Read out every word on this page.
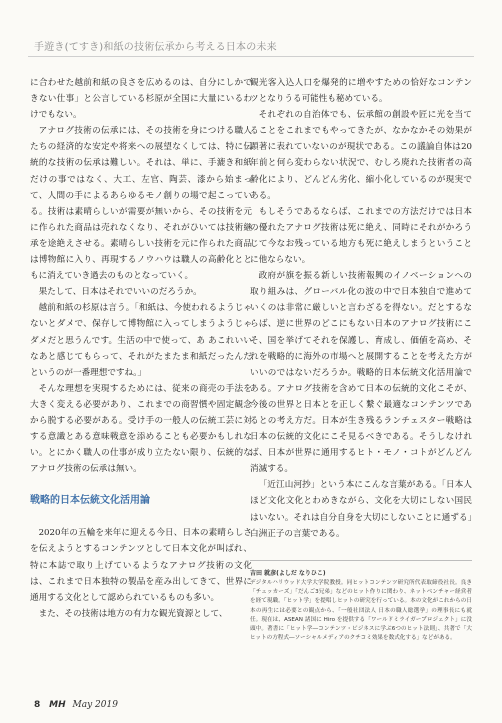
手遊き(てすき)和紙の技術伝承から考える日本の未来

に合わせた越前和紙の良さを広めるのは、自分にしかできない仕事」と公言している杉原が全国に大量にいるわけでもない。

アナログ技術の伝承には、その技術を身につける職人たちの経済的な安定や将来への展望なくしては、特に伝統的な技術の伝承は難しい。それは、単に、手漉き和紙だけの事ではなく、大工、左官、陶芸、漆から始まって、人間の手によるあらゆるモノ創りの場で起こっている。技術は素晴らしいが需要が無いから、その技術を元に作られた商品は売れなくなり、それがひいては技術継承を途絶えさせる。素晴らしい技術を元に作られた商品は博物館に入り、再現するノウハウは職人の高齢化とともに消えていき過去のものとなっていく。

果たして、日本はそれでいいのだろうか。

越前和紙の杉原は言う。「和紙は、今使われるようじゃないとダメで、保存して博物館に入ってしまうようじゃダメだと思うんです。生活の中で使って、あ あこれいいなあと感じてもらって、それがたまたま和紙だったんだというのが一番理想ですね。」

そんな理想を実現するためには、従来の商売の手法を大きく変える必要があり、これまでの商習慣や固定観念から脱する必要がある。受け手の一般人の伝統工芸に対する意識とある意味戦意を添めることも必要かもしれない。とにかく職人の仕事が成り立たない限り、伝統的なアナログ技術の伝承は無い。

戦略的日本伝統文化活用論

2020年の五輪を来年に迎える今日、日本の素晴らしさを伝えようとするコンテンツとして日本文化が叫ばれ、特に本誌で取り上げているようなアナログ技術の文化は、これまで日本独特の製品を産み出してきて、世界に通用する文化として認められているものも多い。

また、その技術は地方の有力な観光資源として、

観光客入込人口を爆発的に増やすための恰好なコンテンツとなりうる可能性も秘めている。

それぞれの自治体でも、伝承館の創設や匠に光を当てることをこれまでもやってきたが、なかなかその効果が顕著に表れていないのが現状である。この議論自体は20年前と何ら変わらない状況で、むしろ廃れた技術者の高齢化により、どんどん劣化、縮小化しているのが現実である。

もしそうであるならば、これまでの方法だけでは日本の優れたアナログ技術は死に絶え、同時にそれがかろうじて今なお残っている地方も死に絶えしまうということに他ならない。

政府が旗を振る新しい技術報興のイノベーションへの取り組みは、グローバル化の波の中で日本独自で進めていくのは非常に厳しいと言わざるを得ない。だとするならば、逆に世界のどこにもない日本のアナログ技術にこそ、国を挙げてそれを保護し、育成し、価値を高め、それを戦略的に海外の市場へと展開することを考えた方がいいのではないだろうか。戦略的日本伝統文化活用論である。アナログ技術を含めて日本の伝統的文化こそが、今後の世界と日本とを正しく繋ぐ最適なコンテンツであるとの考え方だ。日本が生き残るランチェスター戦略は日本の伝統的文化にこそ見るべきである。そうしなければ、日本が世界に通用するヒト・モノ・コトがどんどん消滅する。

「近江山河抄」という本にこんな言葉がある。「日本人ほど文化文化とわめきながら、文化を大切にしない国民はいない。それは自分自身を大切にしないことに通ずる」白洲正子の言葉である。

吉田 就彦(よしだ なりひこ)
デジタルハリウッド大学大学院教授。同ヒットコンテンツ研究所代表取締役社長。良き「チェッカーズ」「だんご3兄弟」などのヒット作りに関わり、ネットベンチャー経営者を経て現職。「ヒット学」を提唱しヒットの研究を行っている。本の文化がこれからの日本の再生には必要との観点から、「一般社団法人 日本の職人総選挙」の理事長にも就任。現在は、ASEAN 諸国に Hiro を提供する「ワールドミライガープロジェクト」に没頭中。著書に「ヒット学―コンテンツ・ビジネスに学ぶ6つのヒット法則」、共著で「大ヒットの方程式―ソーシャルメディアのクチコミ効果を数式化する」などがある。
8 MH May 2019
